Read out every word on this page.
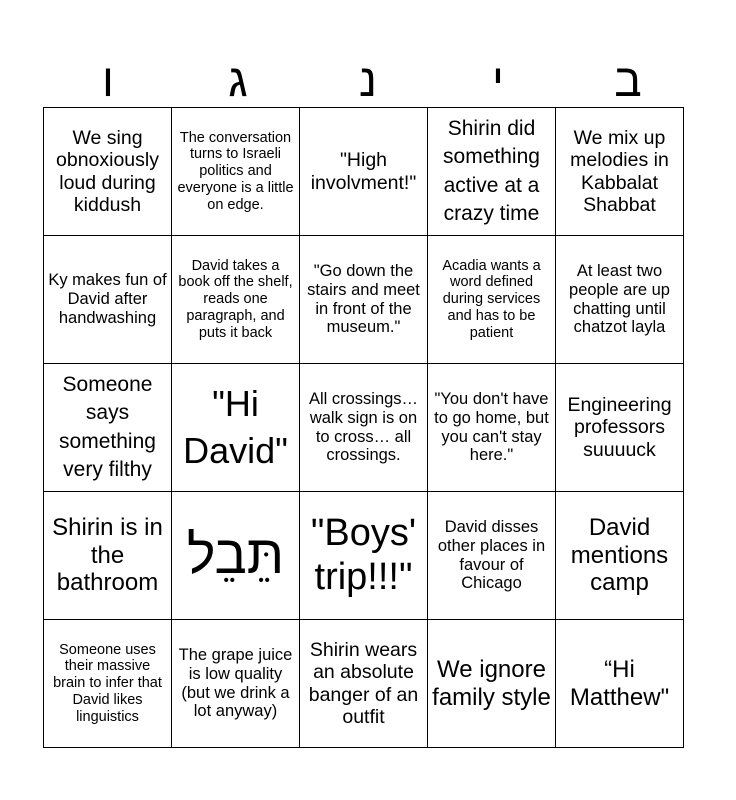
ו	ג	נ	י	ב
We sing obnoxiously loud during kiddush	The conversation turns to Israeli politics and everyone is a little on edge.	"High involvment!"	Shirin did something active at a crazy time	We mix up melodies in Kabbalat Shabbat
Ky makes fun of David after handwashing	David takes a book off the shelf, reads one paragraph, and puts it back	"Go down the stairs and meet in front of the museum."	Acadia wants a word defined during services and has to be patient	At least two people are up chatting until chatzot layla
Someone says something very filthy	"Hi David"	All crossings… walk sign is on to cross… all crossings.	"You don't have to go home, but you can't stay here."	Engineering professors suuuuck
Shirin is in the bathroom	תֵּבֵל	"Boys' trip!!!"	David disses other places in favour of Chicago	David mentions camp
Someone uses their massive brain to infer that David likes linguistics	The grape juice is low quality (but we drink a lot anyway)	Shirin wears an absolute banger of an outfit	We ignore family style	“Hi Matthew"
